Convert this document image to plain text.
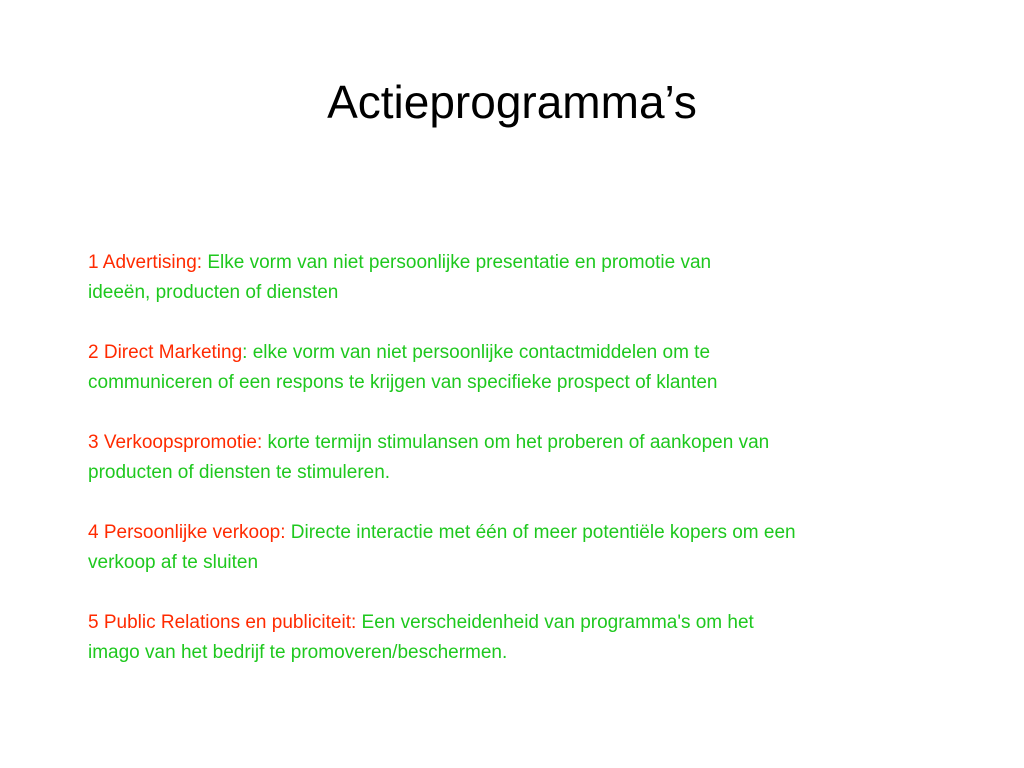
Actieprogramma’s

1 Advertising: Elke vorm van niet persoonlijke presentatie en promotie van
ideeën, producten of diensten

2 Direct Marketing: elke vorm van niet persoonlijke contactmiddelen om te
communiceren of een respons te krijgen van specifieke prospect of klanten

3 Verkoopspromotie: korte termijn stimulansen om het proberen of aankopen van
producten of diensten te stimuleren.

4 Persoonlijke verkoop: Directe interactie met één of meer potentiële kopers om een
verkoop af te sluiten

5 Public Relations en publiciteit: Een verscheidenheid van programma's om het
imago van het bedrijf te promoveren/beschermen.
